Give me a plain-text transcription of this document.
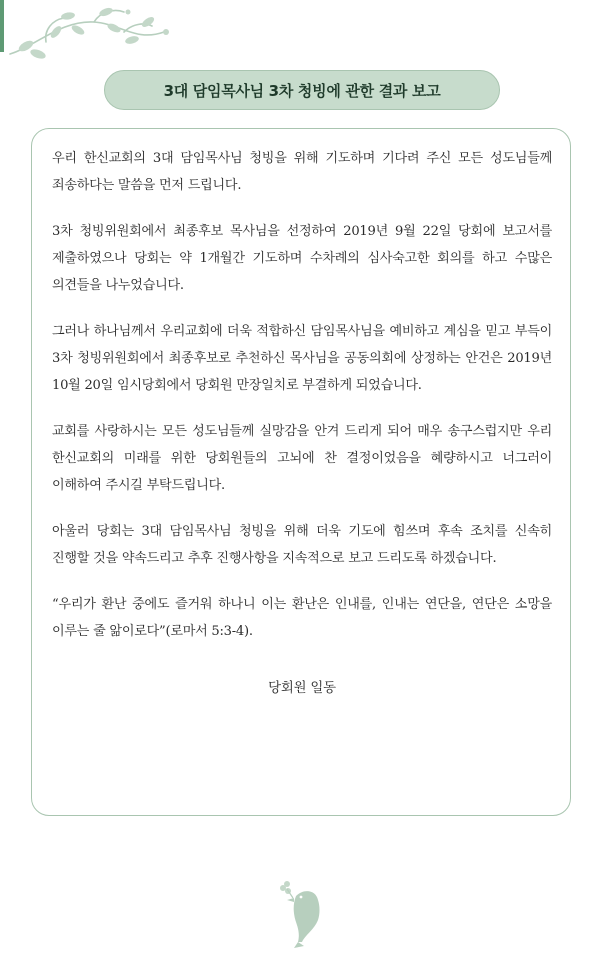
3대 담임목사님 3차 청빙에 관한 결과 보고

우리 한신교회의 3대 담임목사님 청빙을 위해 기도하며 기다려 주신 모든 성도님들께 죄송하다는 말씀을 먼저 드립니다.

3차 청빙위원회에서 최종후보 목사님을 선정하여 2019년 9월 22일 당회에 보고서를 제출하였으나 당회는 약 1개월간 기도하며 수차례의 심사숙고한 회의를 하고 수많은 의견들을 나누었습니다.

그러나 하나님께서 우리교회에 더욱 적합하신 담임목사님을 예비하고 계심을 믿고 부득이 3차 청빙위원회에서 최종후보로 추천하신 목사님을 공동의회에 상정하는 안건은 2019년 10월 20일 임시당회에서 당회원 만장일치로 부결하게 되었습니다.

교회를 사랑하시는 모든 성도님들께 실망감을 안겨 드리게 되어 매우 송구스럽지만 우리 한신교회의 미래를 위한 당회원들의 고뇌에 찬 결정이었음을 혜량하시고 너그러이 이해하여 주시길 부탁드립니다.

아울러 당회는 3대 담임목사님 청빙을 위해 더욱 기도에 힘쓰며 후속 조치를 신속히 진행할 것을 약속드리고 추후 진행사항을 지속적으로 보고 드리도록 하겠습니다.

“우리가 환난 중에도 즐거워 하나니 이는 환난은 인내를, 인내는 연단을, 연단은 소망을 이루는 줄 앎이로다”(로마서 5:3-4).

당회원 일동
